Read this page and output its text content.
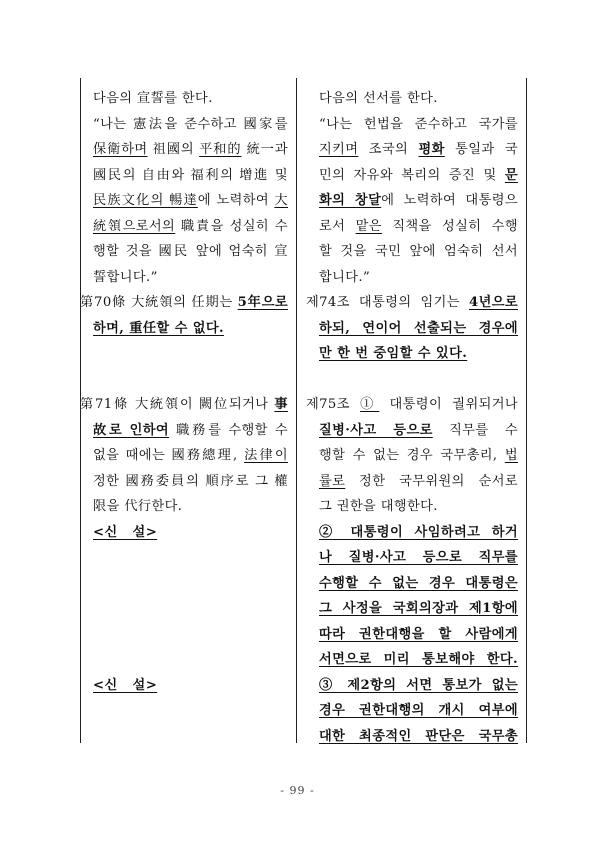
다음의 宣誓를 한다.
“나는 憲法을 준수하고 國家를
保衛하며 祖國의 平和的 統一과
國民의 自由와 福利의 增進 및
民族文化의 暢達에 노력하여 大
統領으로서의 職責을 성실히 수
행할 것을 國民 앞에 엄숙히 宣
誓합니다.”
第70條 大統領의 任期는 5年으로
하며, 重任할 수 없다.
第71條 大統領이 闕位되거나 事
故로 인하여 職務를 수행할 수
없을 때에는 國務總理, 法律이
정한 國務委員의 順序로 그 權
限을 代行한다.
<신   설>
<신   설>
다음의 선서를 한다.
“나는 헌법을 준수하고 국가를
지키며 조국의 평화 통일과 국
민의 자유와 복리의 증진 및 문
화의 창달에 노력하여 대통령으
로서 맡은 직책을 성실히 수행
할 것을 국민 앞에 엄숙히 선서
합니다.”
제74조 대통령의 임기는 4년으로
하되, 연이어 선출되는 경우에
만 한 번 중임할 수 있다.
제75조 ① 대통령이 궐위되거나
질병·사고 등으로 직무를 수
행할 수 없는 경우 국무총리, 법
률로 정한 국무위원의 순서로
그 권한을 대행한다.
② 대통령이 사임하려고 하거
나 질병·사고 등으로 직무를
수행할 수 없는 경우 대통령은
그 사정을 국회의장과 제1항에
따라 권한대행을 할 사람에게
서면으로 미리 통보해야 한다.
③ 제2항의 서면 통보가 없는
경우 권한대행의 개시 여부에
대한 최종적인 판단은 국무총
- 99 -
